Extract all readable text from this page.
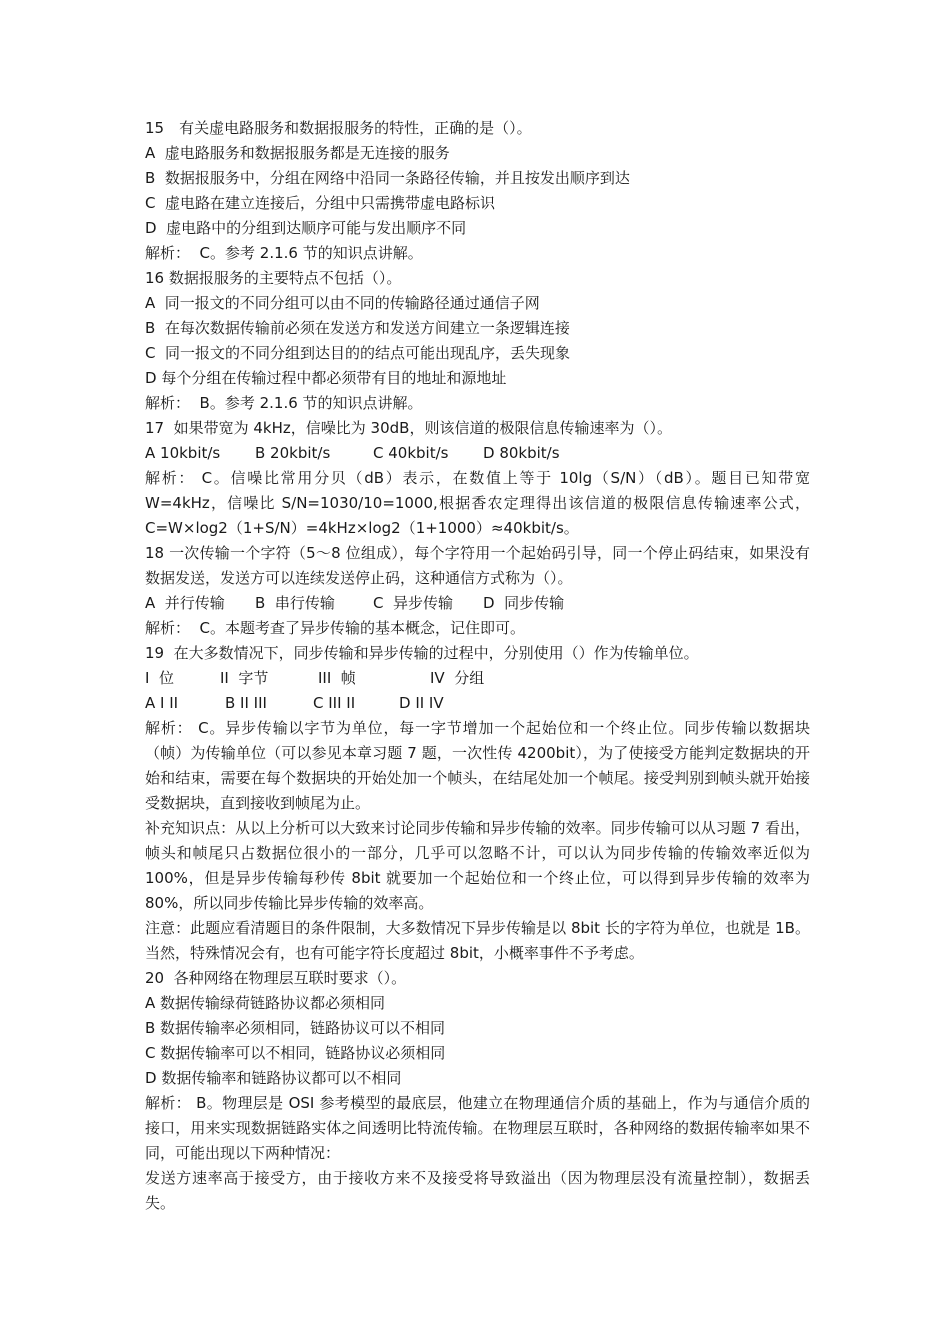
15　有关虚电路服务和数据报服务的特性，正确的是（）。
A  虚电路服务和数据报服务都是无连接的服务
B  数据报服务中，分组在网络中沿同一条路径传输，并且按发出顺序到达
C  虚电路在建立连接后，分组中只需携带虚电路标识
D  虚电路中的分组到达顺序可能与发出顺序不同
解析：  C。参考 2.1.6 节的知识点讲解。
16 数据报服务的主要特点不包括（）。
A  同一报文的不同分组可以由不同的传输路径通过通信子网
B  在每次数据传输前必须在发送方和发送方间建立一条逻辑连接
C  同一报文的不同分组到达目的的结点可能出现乱序，丢失现象
D 每个分组在传输过程中都必须带有目的地址和源地址
解析：  B。参考 2.1.6 节的知识点讲解。
17  如果带宽为 4kHz，信噪比为 30dB，则该信道的极限信息传输速率为（）。
A 10kbit/s	B 20kbit/s	C 40kbit/s	D 80kbit/s
解析： C。信噪比常用分贝（dB）表示，在数值上等于 10lg（S/N）（dB）。题目已知带宽W=4kHz，信噪比 S/N=1030/10=1000,根据香农定理得出该信道的极限信息传输速率公式，C=W×log2（1+S/N）=4kHz×log2（1+1000）≈40kbit/s。
18 一次传输一个字符（5～8 位组成），每个字符用一个起始码引导，同一个停止码结束，如果没有数据发送，发送方可以连续发送停止码，这种通信方式称为（）。
A  并行传输	B  串行传输	C  异步传输	D  同步传输
解析：  C。本题考查了异步传输的基本概念，记住即可。
19  在大多数情况下，同步传输和异步传输的过程中，分别使用（）作为传输单位。
I  位	II  字节	III  帧	IV  分组
A I II	B II III	C III II	D II IV
解析： C。异步传输以字节为单位，每一字节增加一个起始位和一个终止位。同步传输以数据块（帧）为传输单位（可以参见本章习题 7 题，一次性传 4200bit），为了使接受方能判定数据块的开始和结束，需要在每个数据块的开始处加一个帧头，在结尾处加一个帧尾。接受判别到帧头就开始接受数据块，直到接收到帧尾为止。
补充知识点：从以上分析可以大致来讨论同步传输和异步传输的效率。同步传输可以从习题 7 看出，帧头和帧尾只占数据位很小的一部分，几乎可以忽略不计，可以认为同步传输的传输效率近似为 100%，但是异步传输每秒传 8bit 就要加一个起始位和一个终止位，可以得到异步传输的效率为 80%，所以同步传输比异步传输的效率高。
注意：此题应看清题目的条件限制，大多数情况下异步传输是以 8bit 长的字符为单位，也就是 1B。当然，特殊情况会有，也有可能字符长度超过 8bit，小概率事件不予考虑。
20  各种网络在物理层互联时要求（）。
A 数据传输绿荷链路协议都必须相同
B 数据传输率必须相同，链路协议可以不相同
C 数据传输率可以不相同，链路协议必须相同
D 数据传输率和链路协议都可以不相同
解析： B。物理层是 OSI 参考模型的最底层，他建立在物理通信介质的基础上，作为与通信介质的接口，用来实现数据链路实体之间透明比特流传输。在物理层互联时，各种网络的数据传输率如果不同，可能出现以下两种情况：
发送方速率高于接受方，由于接收方来不及接受将导致溢出（因为物理层没有流量控制），数据丢失。
